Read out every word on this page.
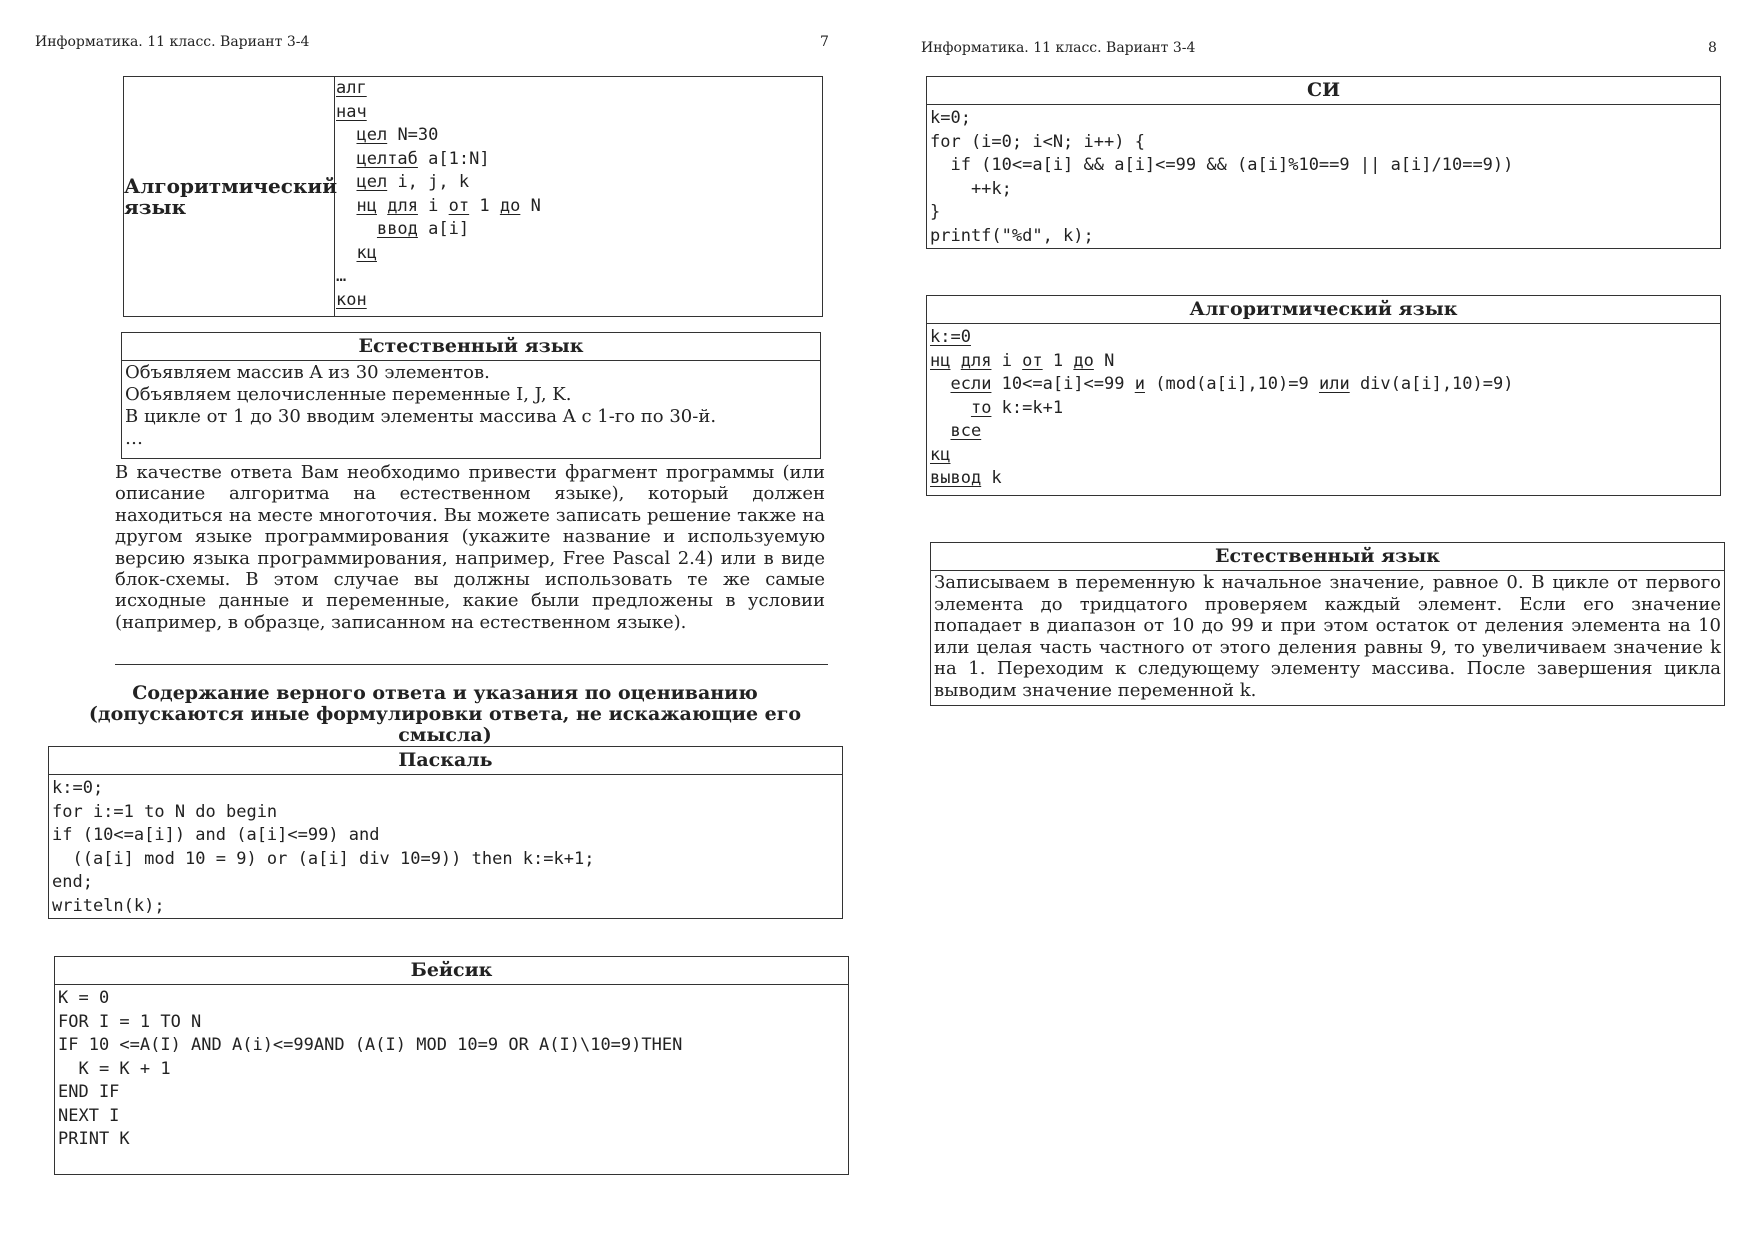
Информатика. 11 класс. Вариант 3-4	7	Информатика. 11 класс. Вариант 3-4	8
Алгоритмический
язык
алг
нач
цел N=30
целтаб a[1:N]
цел i, j, k
нц для i от 1 до N
ввод a[i]
кц
…
кон
Естественный язык
Объявляем массив A из 30 элементов.
Объявляем целочисленные переменные I, J, K.
В цикле от 1 до 30 вводим элементы массива A с 1-го по 30-й.
…
В качестве ответа Вам необходимо привести фрагмент программы (или описание алгоритма на естественном языке), который должен находиться на месте многоточия. Вы можете записать решение также на другом языке программирования (укажите название и используемую версию языка программирования, например, Free Pascal 2.4) или в виде блок-схемы. В этом случае вы должны использовать те же самые исходные данные и переменные, какие были предложены в условии (например, в образце, записанном на естественном языке).
Содержание верного ответа и указания по оцениванию (допускаются иные формулировки ответа, не искажающие его смысла)
Паскаль
k:=0;
for i:=1 to N do begin
if (10<=a[i]) and (a[i]<=99) and
((a[i] mod 10 = 9) or (a[i] div 10=9)) then k:=k+1;
end;
writeln(k);
Бейсик
K = 0
FOR I = 1 TO N
IF 10 <=A(I) AND A(i)<=99AND (A(I) MOD 10=9 OR A(I)\10=9)THEN
K = K + 1
END IF
NEXT I
PRINT K
СИ
k=0;
for (i=0; i<N; i++) {
if (10<=a[i] && a[i]<=99 && (a[i]%10==9 || a[i]/10==9))
++k;
}
printf("%d", k);
Алгоритмический язык
k:=0
нц для i от 1 до N
если 10<=a[i]<=99 и (mod(a[i],10)=9 или div(a[i],10)=9)
то k:=k+1
все
кц
вывод k
Естественный язык
Записываем в переменную k начальное значение, равное 0. В цикле от первого элемента до тридцатого проверяем каждый элемент. Если его значение попадает в диапазон от 10 до 99 и при этом остаток от деления элемента на 10 или целая часть частного от этого деления равны 9, то увеличиваем значение k на 1. Переходим к следующему элементу массива. После завершения цикла выводим значение переменной k.
